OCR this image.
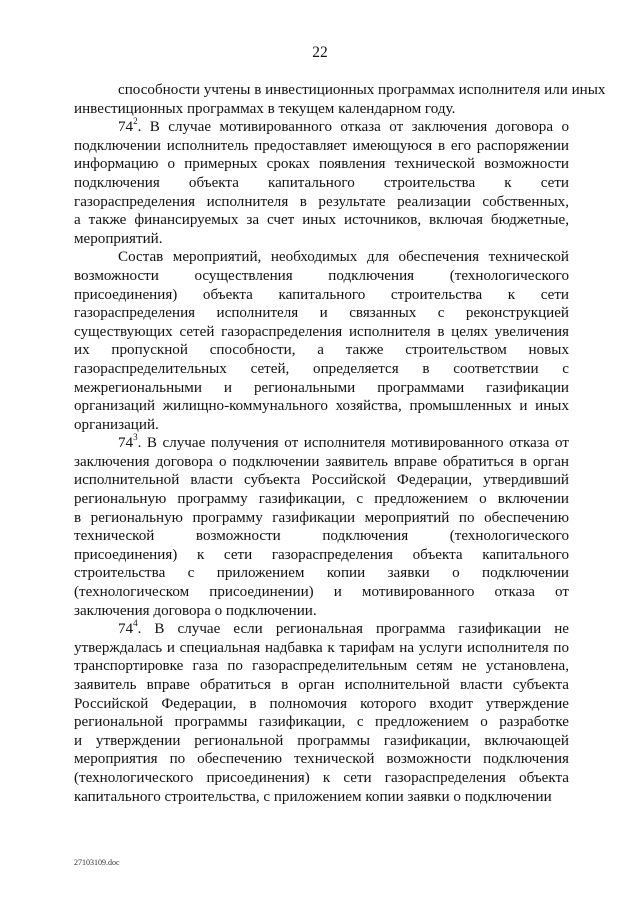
22
способности учтены в инвестиционных программах исполнителя или иных
инвестиционных программах в текущем календарном году.
$74^2$. В случае мотивированного отказа от заключения договора о
подключении исполнитель предоставляет имеющуюся в его распоряжении
информацию о примерных сроках появления технической возможности
подключения объекта капитального строительства к сети
газораспределения исполнителя в результате реализации собственных,
а также финансируемых за счет иных источников, включая бюджетные,
мероприятий.
Состав мероприятий, необходимых для обеспечения технической
возможности осуществления подключения (технологического
присоединения) объекта капитального строительства к сети
газораспределения исполнителя и связанных с реконструкцией
существующих сетей газораспределения исполнителя в целях увеличения
их пропускной способности, а также строительством новых
газораспределительных сетей, определяется в соответствии с
межрегиональными и региональными программами газификации
организаций жилищно-коммунального хозяйства, промышленных и иных
организаций.
$74^3$. В случае получения от исполнителя мотивированного отказа от
заключения договора о подключении заявитель вправе обратиться в орган
исполнительной власти субъекта Российской Федерации, утвердивший
региональную программу газификации, с предложением о включении
в региональную программу газификации мероприятий по обеспечению
технической возможности подключения (технологического
присоединения) к сети газораспределения объекта капитального
строительства с приложением копии заявки о подключении
(технологическом присоединении) и мотивированного отказа от
заключения договора о подключении.
$74^4$. В случае если региональная программа газификации не
утверждалась и специальная надбавка к тарифам на услуги исполнителя по
транспортировке газа по газораспределительным сетям не установлена,
заявитель вправе обратиться в орган исполнительной власти субъекта
Российской Федерации, в полномочия которого входит утверждение
региональной программы газификации, с предложением о разработке
и утверждении региональной программы газификации, включающей
мероприятия по обеспечению технической возможности подключения
(технологического присоединения) к сети газораспределения объекта
капитального строительства, с приложением копии заявки о подключении
27103109.doc
